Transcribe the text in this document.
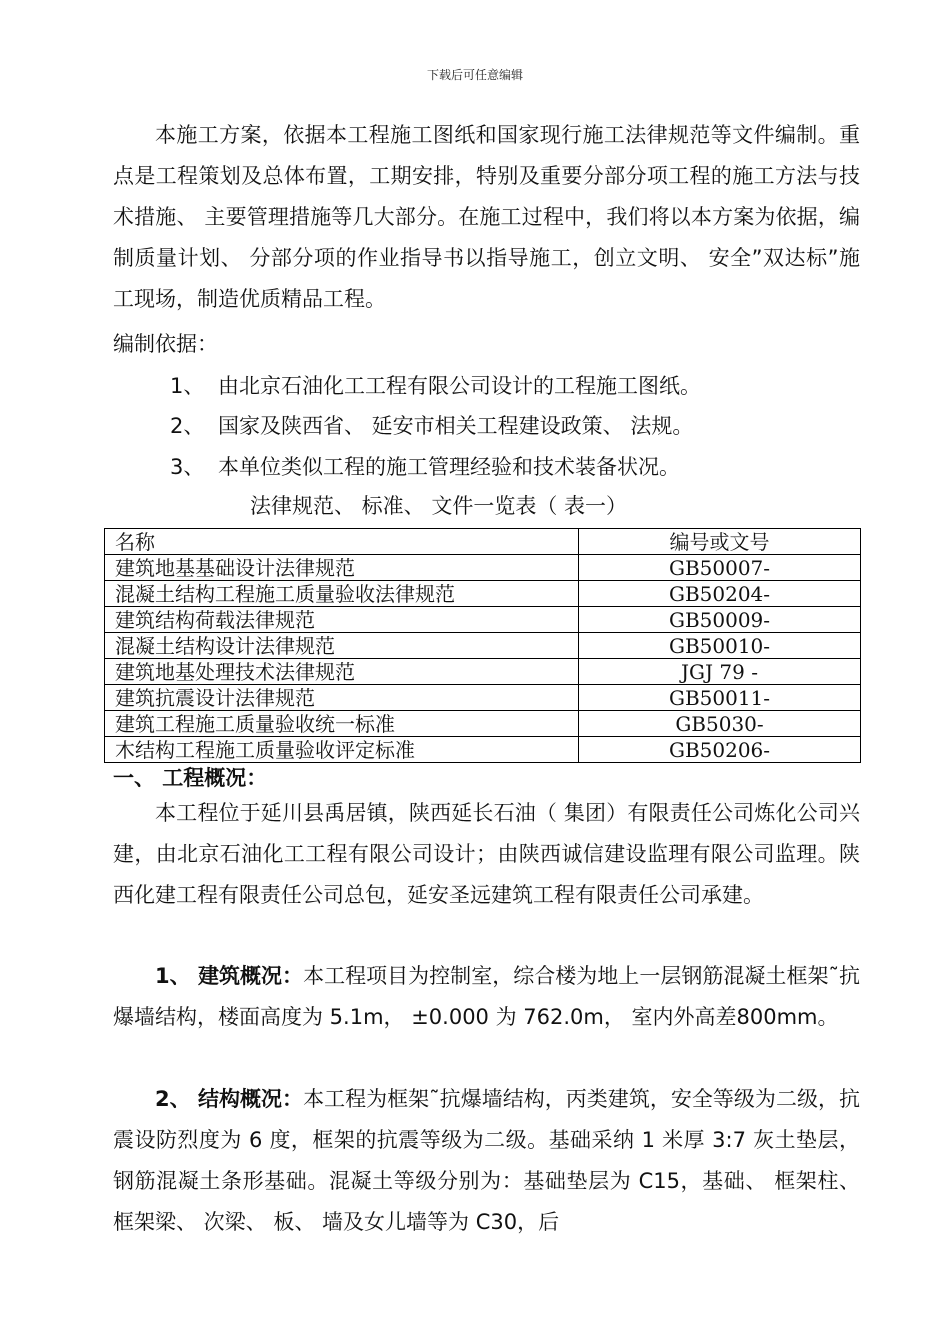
下载后可任意编辑

本施工方案，依据本工程施工图纸和国家现行施工法律规范等文件编制。重点是工程策划及总体布置，工期安排，特别及重要分部分项工程的施工方法与技术措施、 主要管理措施等几大部分。在施工过程中，我们将以本方案为依据，编制质量计划、 分部分项的作业指导书以指导施工，创立文明、 安全”双达标”施工现场，制造优质精品工程。

编制依据：
1、 由北京石油化工工程有限公司设计的工程施工图纸。
2、 国家及陕西省、 延安市相关工程建设政策、 法规。
3、 本单位类似工程的施工管理经验和技术装备状况。
法律规范、 标准、 文件一览表（ 表一）
名称	编号或文号
建筑地基基础设计法律规范	GB50007-
混凝土结构工程施工质量验收法律规范	GB50204-
建筑结构荷载法律规范	GB50009-
混凝土结构设计法律规范	GB50010-
建筑地基处理技术法律规范	JGJ 79 -
建筑抗震设计法律规范	GB50011-
建筑工程施工质量验收统一标准	GB5030-
木结构工程施工质量验收评定标准	GB50206-
一、 工程概况：

本工程位于延川县禹居镇，陕西延长石油（ 集团）有限责任公司炼化公司兴建，由北京石油化工工程有限公司设计；由陕西诚信建设监理有限公司监理。陕西化建工程有限责任公司总包，延安圣远建筑工程有限责任公司承建。

1、 建筑概况：本工程项目为控制室，综合楼为地上一层钢筋混凝土框架˜抗爆墙结构，楼面高度为 5.1m， ±0.000 为 762.0m， 室内外高差800mm。

2、 结构概况：本工程为框架˜抗爆墙结构，丙类建筑，安全等级为二级，抗震设防烈度为 6 度，框架的抗震等级为二级。基础采纳 1 米厚 3:7 灰土垫层，钢筋混凝土条形基础。混凝土等级分别为：基础垫层为 C15，基础、 框架柱、 框架梁、 次梁、 板、 墙及女儿墙等为 C30，后
